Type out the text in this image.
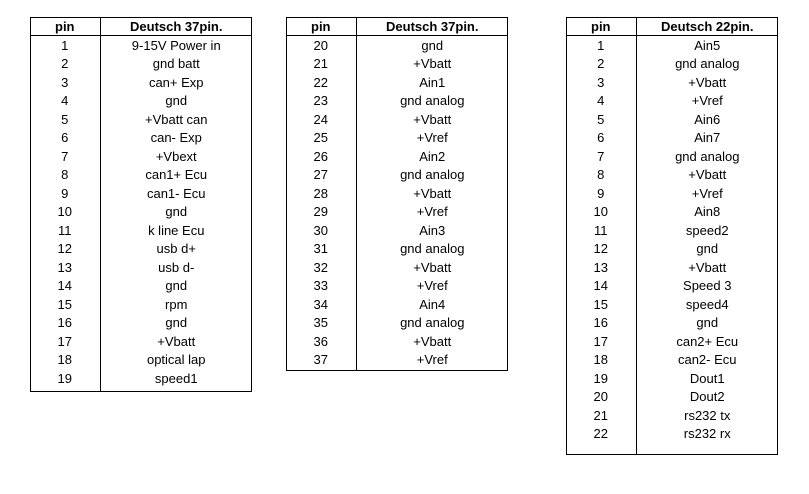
pin	Deutsch 37pin.
1	9-15V Power in
2	gnd batt
3	can+ Exp
4	gnd
5	+Vbatt can
6	can- Exp
7	+Vbext
8	can1+ Ecu
9	can1- Ecu
10	gnd
11	k line Ecu
12	usb d+
13	usb d-
14	gnd
15	rpm
16	gnd
17	+Vbatt
18	optical lap
19	speed1

pin	Deutsch 37pin.
20	gnd
21	+Vbatt
22	Ain1
23	gnd analog
24	+Vbatt
25	+Vref
26	Ain2
27	gnd analog
28	+Vbatt
29	+Vref
30	Ain3
31	gnd analog
32	+Vbatt
33	+Vref
34	Ain4
35	gnd analog
36	+Vbatt
37	+Vref

pin	Deutsch 22pin.
1	Ain5
2	gnd analog
3	+Vbatt
4	+Vref
5	Ain6
6	Ain7
7	gnd analog
8	+Vbatt
9	+Vref
10	Ain8
11	speed2
12	gnd
13	+Vbatt
14	Speed 3
15	speed4
16	gnd
17	can2+ Ecu
18	can2- Ecu
19	Dout1
20	Dout2
21	rs232 tx
22	rs232 rx
